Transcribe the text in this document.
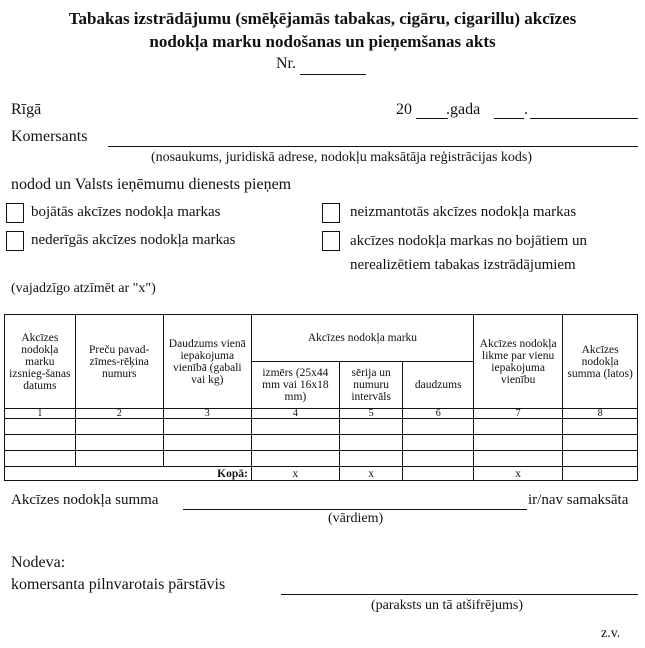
Tabakas izstrādājumu (smēķējamās tabakas, cigāru, cigarillu) akcīzes
nodokļa marku nodošanas un pieņemšanas akts
Nr.
Rīgā	20 .gada	.
Komersants
(nosaukums, juridiskā adrese, nodokļu maksātāja reģistrācijas kods)
nodod un Valsts ieņēmumu dienests pieņem
bojātās akcīzes nodokļa markas	neizmantotās akcīzes nodokļa markas
nederīgās akcīzes nodokļa markas	akcīzes nodokļa markas no bojātiem un
nerealizētiem tabakas izstrādājumiem
(vajadzīgo atzīmēt ar "x")
Akcīzes nodokļa marku izsnieg-šanas datums	Preču pavad-zīmes-rēķina numurs	Daudzums vienā iepakojuma vienībā (gabali vai kg)	Akcīzes nodokļa marku			Akcīzes nodokļa likme par vienu iepakojuma vienību	Akcīzes nodokļa summa (latos)
			izmērs (25x44 mm vai 16x18 mm)	sērija un numuru intervāls	daudzums		
1	2	3	4	5	6	7	8

Kopā:			x	x		x	
Akcīzes nodokļa summa	ir/nav samaksāta
(vārdiem)
Nodeva:
komersanta pilnvarotais pārstāvis
(paraksts un tā atšifrējums)
z.v.
